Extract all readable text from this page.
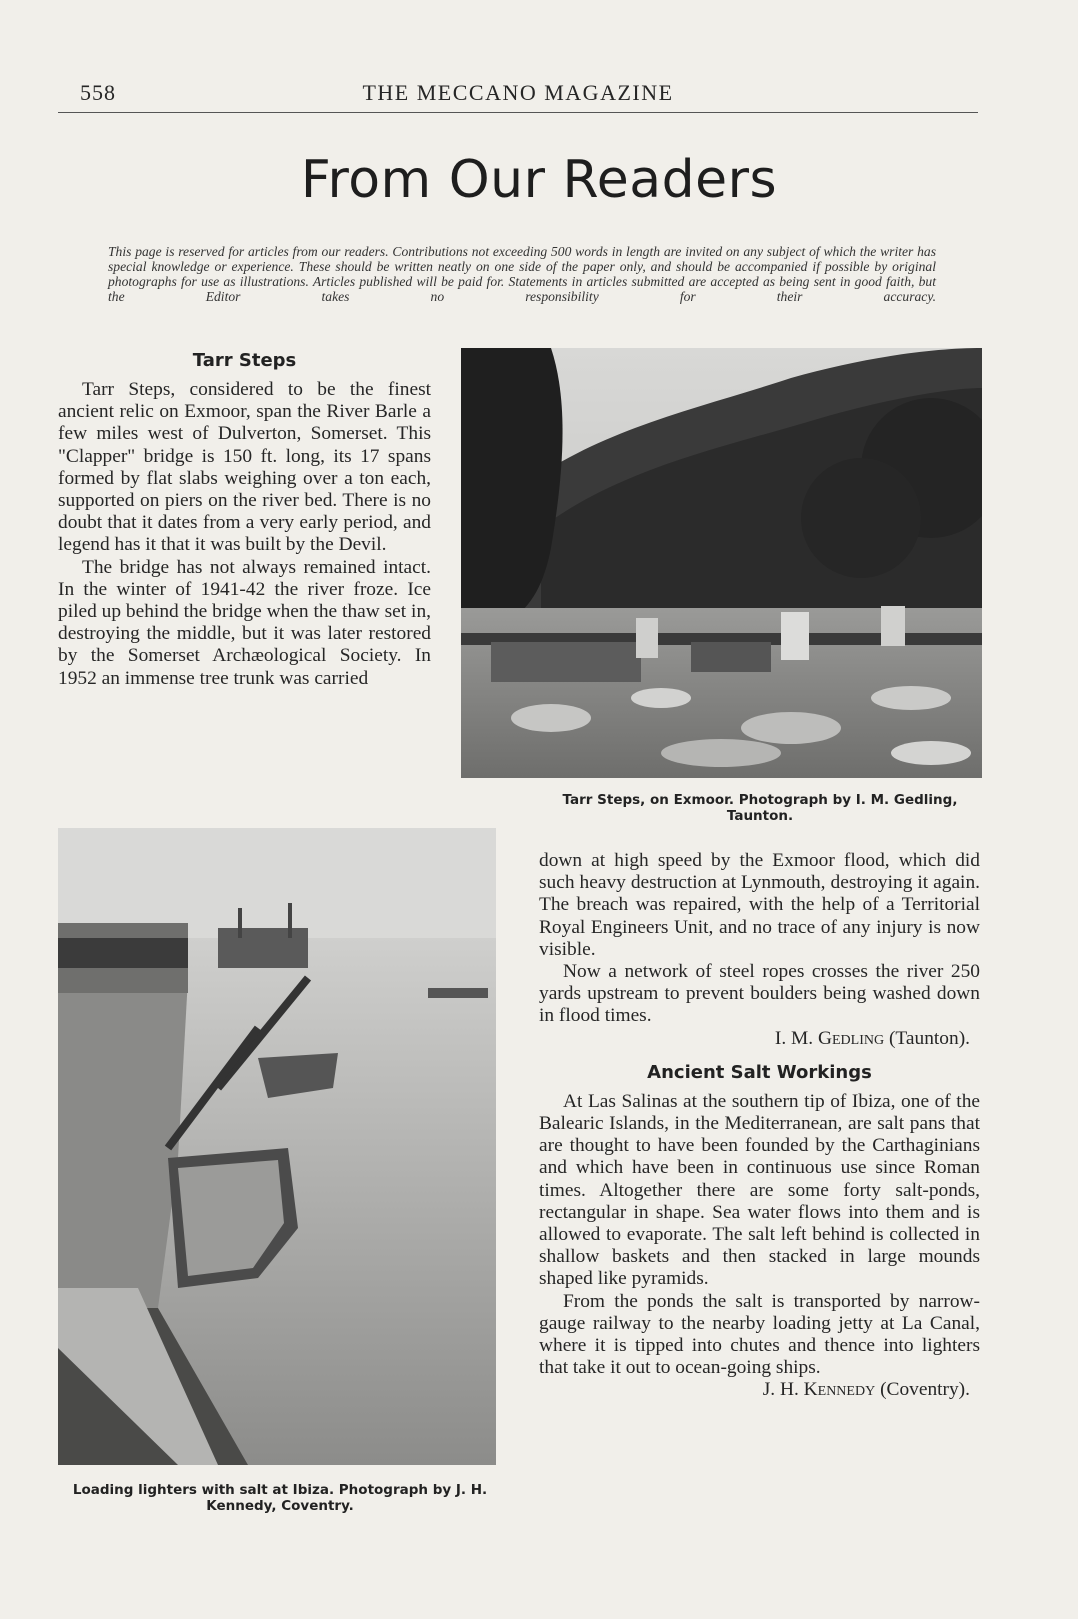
558	THE MECCANO MAGAZINE
From Our Readers

This page is reserved for articles from our readers. Contributions not exceeding 500 words in length are invited on any subject of which the writer has special knowledge or experience. These should be written neatly on one side of the paper only, and should be accompanied if possible by original photographs for use as illustrations. Articles published will be paid for. Statements in articles submitted are accepted as being sent in good faith, but the Editor takes no responsibility for their accuracy.

Tarr Steps

Tarr Steps, considered to be the finest ancient relic on Exmoor, span the River Barle a few miles west of Dulverton, Somerset. This "Clapper" bridge is 150 ft. long, its 17 spans formed by flat slabs weighing over a ton each, supported on piers on the river bed. There is no doubt that it dates from a very early period, and legend has it that it was built by the Devil.

The bridge has not always remained intact. In the winter of 1941-42 the river froze. Ice piled up behind the bridge when the thaw set in, destroying the middle, but it was later restored by the Somerset Archæological Society. In 1952 an immense tree trunk was carried

Tarr Steps, on Exmoor. Photograph by I. M. Gedling, Taunton.
Loading lighters with salt at Ibiza. Photograph by J. H. Kennedy, Coventry.

down at high speed by the Exmoor flood, which did such heavy destruction at Lynmouth, destroying it again. The breach was repaired, with the help of a Territorial Royal Engineers Unit, and no trace of any injury is now visible.

Now a network of steel ropes crosses the river 250 yards upstream to prevent boulders being washed down in flood times.

I. M. Gedling (Taunton).

Ancient Salt Workings

At Las Salinas at the southern tip of Ibiza, one of the Balearic Islands, in the Mediterranean, are salt pans that are thought to have been founded by the Carthaginians and which have been in continuous use since Roman times. Altogether there are some forty salt-ponds, rectangular in shape. Sea water flows into them and is allowed to evaporate. The salt left behind is collected in shallow baskets and then stacked in large mounds shaped like pyramids.

From the ponds the salt is transported by narrow-gauge railway to the nearby loading jetty at La Canal, where it is tipped into chutes and thence into lighters that take it out to ocean-going ships.

J. H. Kennedy (Coventry).
